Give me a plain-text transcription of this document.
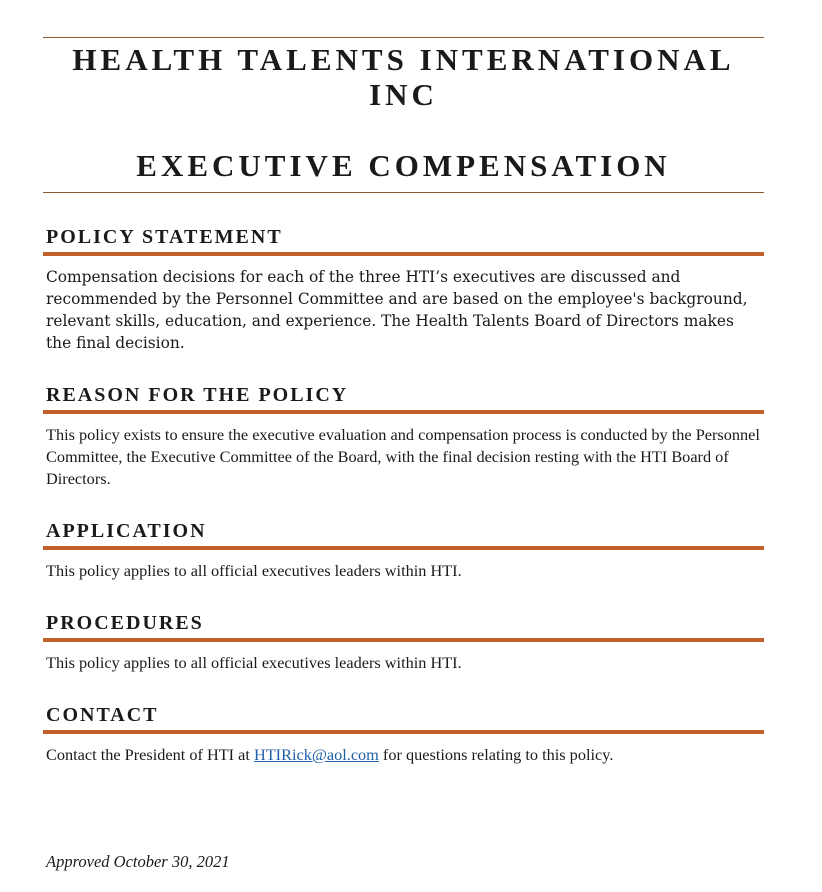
HEALTH TALENTS INTERNATIONAL INC
EXECUTIVE COMPENSATION
POLICY STATEMENT

Compensation decisions for each of the three HTI’s executives are discussed and recommended by the Personnel Committee and are based on the employee's background, relevant skills, education, and experience. The Health Talents Board of Directors makes the final decision.

REASON FOR THE POLICY

This policy exists to ensure the executive evaluation and compensation process is conducted by the Personnel Committee, the Executive Committee of the Board, with the final decision resting with the HTI Board of Directors.

APPLICATION

This policy applies to all official executives leaders within HTI.

PROCEDURES

This policy applies to all official executives leaders within HTI.

CONTACT

Contact the President of HTI at HTIRick@aol.com for questions relating to this policy.

Approved October 30, 2021
